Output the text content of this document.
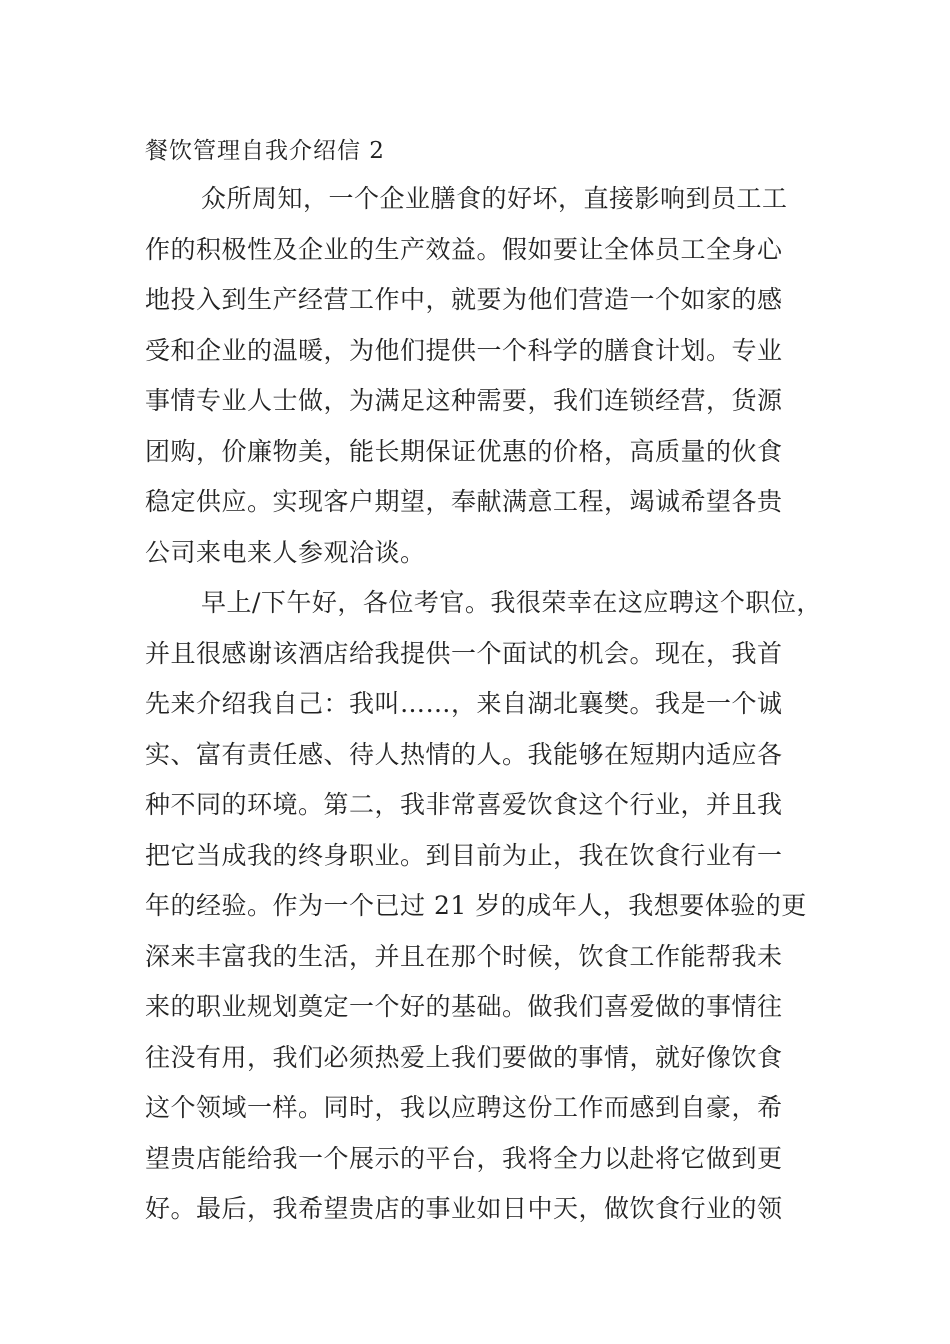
餐饮管理自我介绍信 2

众所周知，一个企业膳食的好坏，直接影响到员工工

作的积极性及企业的生产效益。假如要让全体员工全身心

地投入到生产经营工作中，就要为他们营造一个如家的感

受和企业的温暖，为他们提供一个科学的膳食计划。专业

事情专业人士做，为满足这种需要，我们连锁经营，货源

团购，价廉物美，能长期保证优惠的价格，高质量的伙食

稳定供应。实现客户期望，奉献满意工程，竭诚希望各贵

公司来电来人参观洽谈。

早上/下午好，各位考官。我很荣幸在这应聘这个职位，

并且很感谢该酒店给我提供一个面试的机会。现在，我首

先来介绍我自己：我叫……，来自湖北襄樊。我是一个诚

实、富有责任感、待人热情的人。我能够在短期内适应各

种不同的环境。第二，我非常喜爱饮食这个行业，并且我

把它当成我的终身职业。到目前为止，我在饮食行业有一

年的经验。作为一个已过 21 岁的成年人，我想要体验的更

深来丰富我的生活，并且在那个时候，饮食工作能帮我未

来的职业规划奠定一个好的基础。做我们喜爱做的事情往

往没有用，我们必须热爱上我们要做的事情，就好像饮食

这个领域一样。同时，我以应聘这份工作而感到自豪，希

望贵店能给我一个展示的平台，我将全力以赴将它做到更

好。最后，我希望贵店的事业如日中天，做饮食行业的领
